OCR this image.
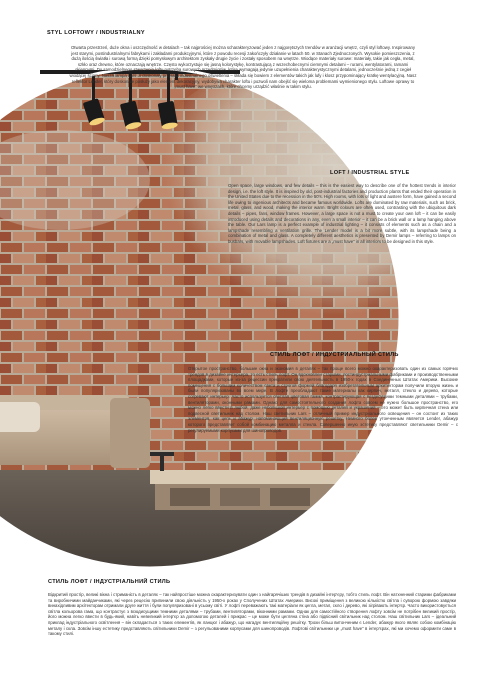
STYL LOFTOWY / INDUSTRIALNY
Otwarta przestrzeń, duże okna i oszczędność w detalach – tak najprościej można scharakteryzować jeden z najgorętszych trendów w aranżacji wnętrz, czyli styl loftowy. Inspirowany jest starymi, postindustrialnymi fabrykami i zakładami produkcyjnymi, które z powodu recesji zakończyły działanie w latach 50. w Stanach Zjednoczonych. Wysokie pomieszczenia, z dużą ilością światła i surową formą dzięki pomysłowym architektom zyskały drugie życie i zostały sposobem na wnętrze. Wiodące materiały surowe: materiały, takie jak cegła, metal, szkło oraz drewno, które oznaczają wnętrze. Często wykorzystuje się jasną kolorystykę, kontrastującą z wszechobecnymi ciemnymi detalami – rurami, wentylatorami, ramami okiennymi. Do samodzielnego stworzenia loftu potrzeba surowych przedmiotów, które wymagają jedynie uzupełnienia charakterystycznymi detalami, jednocześnie jedną z cegieł wiodącej ściany. Nasza lampa Lars to doskonały przykład industrialnego oświetlenia – składa się bowiem z elementów takich jak lufy i klosz przypominający kratkę wentylacyjną. Nasz reflektor Lender, który doskonale posłuży jako element dekoracyjny, wydobywa charakter loftu i pozwoli nam obejść się wieloma problemami wymienionego stylu. Loftowe oprawy to „must have” we wnętrzach, które chcemy urządzić właśnie w takim stylu.
LOFT / INDUSTRIAL STYLE
Open space, large windows, and few details – this is the easiest way to describe one of the hottest trends in interior design, i.e. the loft style. It is inspired by old, post-industrial factories and production plants that ended their operation in the United States due to the recession in the 50's. High rooms, with lots of light and austere form, have gained a second life owing to ingenious architects and became famous worldwide. Lofts are dominated by raw materials, such as brick, metal, glass, and wood, making the interior warm. Bright colours are often used, contrasting with the ubiquitous dark details – pipes, fans, window frames. However, a large space is not a must to create your own loft – it can be easily introduced using details and decorations in any, even a small interior – it can be a brick wall or a lamp hanging above the table. Our Lars lamp is a perfect example of industrial lighting – it consists of elements such as a chain and a lampshade resembling a ventilation grille. The Lender model is a bit more subtle, with its lampshade being a combination of metal and glass. A completely different aesthetics is presented by Demir lamps – referring to lamps on busbars, with movable lampshades. Loft fixtures are a „must have” in all interiors to be designed in this style.
СТИЛЬ ЛОФТ / ИНДУСТРИАЛЬНЫЙ СТИЛЬ
Открытое пространство, большие окна и экономия в деталях – так проще всего можно охарактеризовать один из самых горячих трендов в дизайне интерьера, то есть стиль лофт. Он вдохновлен старыми, постиндустриальными фабриками и производственными площадками, которые из-за рецессии прекратили свою деятельность в 1950-х годах в Соединенных Штатах Америки. Высокие помещения с большим количеством света и строгой формой благодаря изобретательным архитекторам получили вторую жизнь и были популяризованы во всем мире. В лофте преобладают такие материалы как кирпич, металл, стекло и дерево, которые согревают интерьер. Часто используется светлая цветовая гамма, контрастирующая с вездесущими темными деталями – трубами, вентиляторами, оконными рамами. Однако для самостоятельного создания лофта совсем не нужно большое пространство, его можно легко ввести в любой, даже небольшой интерьер с помощью деталей и украшений – это может быть кирпичная стена или подвесной светильник над столом. Наш светильник Lars – отличный пример индустриального освещения – он состоит из таких элементов, как цепь и абажур, напоминающий вентиляционную решетку. Немного более утонченным является Lender, абажур которого представляет собой комбинацию металла и стекла. Совершенно иную эстетику представляют светильники Demir – с регулируемыми корпусами для шинопроводов.
СТИЛЬ ЛОФТ / ІНДУСТРІАЛЬНИЙ СТИЛЬ
Відкритий простір, великі вікна і стриманість в деталях – так найпростіше можна охарактеризувати один з найгарячіших трендів в дизайні інтер'єру, тобто стиль лофт. Він натхненний старими фабриками та виробничими майданчиками, які через рецесію припинили свою діяльність у 1950-х роках у Сполучених Штатах Америки. Високі приміщення з великою кількістю світла і суворою формою завдяки винахідливим архітекторам отримали друге життя і були популяризовані в усьому світі. У лофті переважають такі матеріали як цегла, метал, скло і дерево, які зігрівають інтер'єр. Часто використовується світла кольорова гама, що контрастує з всюдисущими темними деталями – трубами, вентиляторами, віконними рамами. Однак для самостійного створення лофту зовсім не потрібен великий простір, його можна легко ввести в будь-який, навіть невеликий інтер'єр за допомогою деталей і прикрас – це може бути цегляна стіна або підвісний світильник над столом. Наш світильник Lars – ідеальний приклад індустріального освітлення – він складається з таких елементів, як ланцюг і абажур, що нагадує вентиляційну решітку. Трохи більш витонченим є Lender, абажур якого являє собою комбінацію металу і скла. Зовсім іншу естетику представляють світильники Demir – з регульованими корпусами для шинопроводів. Лофтові світильники це „must have” в інтер'єрах, які ми хочемо оформити саме в такому стилі.
